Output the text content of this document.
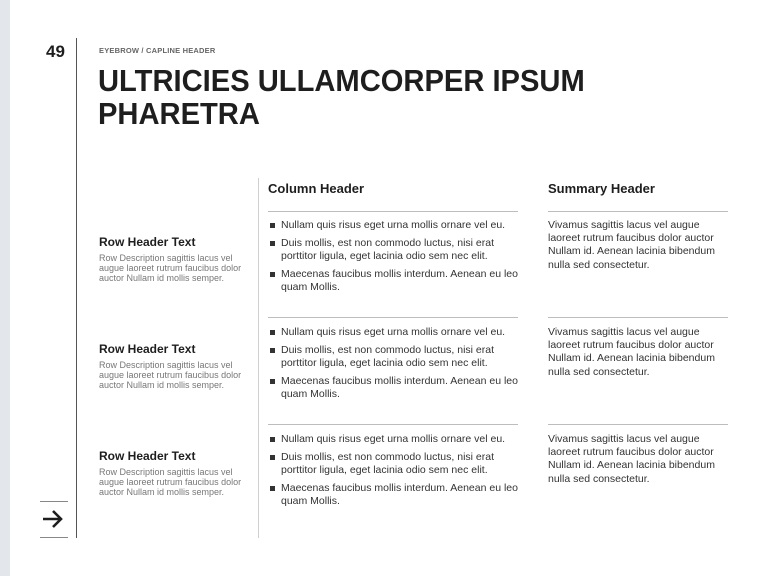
49	EYEBROW / CAPLINE HEADER
ULTRICIES ULLAMCORPER IPSUM PHARETRA
Column Header	Summary Header
Row Header Text
Row Description sagittis lacus vel augue laoreet rutrum faucibus dolor auctor Nullam id mollis semper.
Nullam quis risus eget urna mollis ornare vel eu.
Duis mollis, est non commodo luctus, nisi erat porttitor ligula, eget lacinia odio sem nec elit.
Maecenas faucibus mollis interdum. Aenean eu leo quam Mollis.
Vivamus sagittis lacus vel augue laoreet rutrum faucibus dolor auctor Nullam id. Aenean lacinia bibendum nulla sed consectetur.
Row Header Text
Row Description sagittis lacus vel augue laoreet rutrum faucibus dolor auctor Nullam id mollis semper.
Nullam quis risus eget urna mollis ornare vel eu.
Duis mollis, est non commodo luctus, nisi erat porttitor ligula, eget lacinia odio sem nec elit.
Maecenas faucibus mollis interdum. Aenean eu leo quam Mollis.
Vivamus sagittis lacus vel augue laoreet rutrum faucibus dolor auctor Nullam id. Aenean lacinia bibendum nulla sed consectetur.
Row Header Text
Row Description sagittis lacus vel augue laoreet rutrum faucibus dolor auctor Nullam id mollis semper.
Nullam quis risus eget urna mollis ornare vel eu.
Duis mollis, est non commodo luctus, nisi erat porttitor ligula, eget lacinia odio sem nec elit.
Maecenas faucibus mollis interdum. Aenean eu leo quam Mollis.
Vivamus sagittis lacus vel augue laoreet rutrum faucibus dolor auctor Nullam id. Aenean lacinia bibendum nulla sed consectetur.
